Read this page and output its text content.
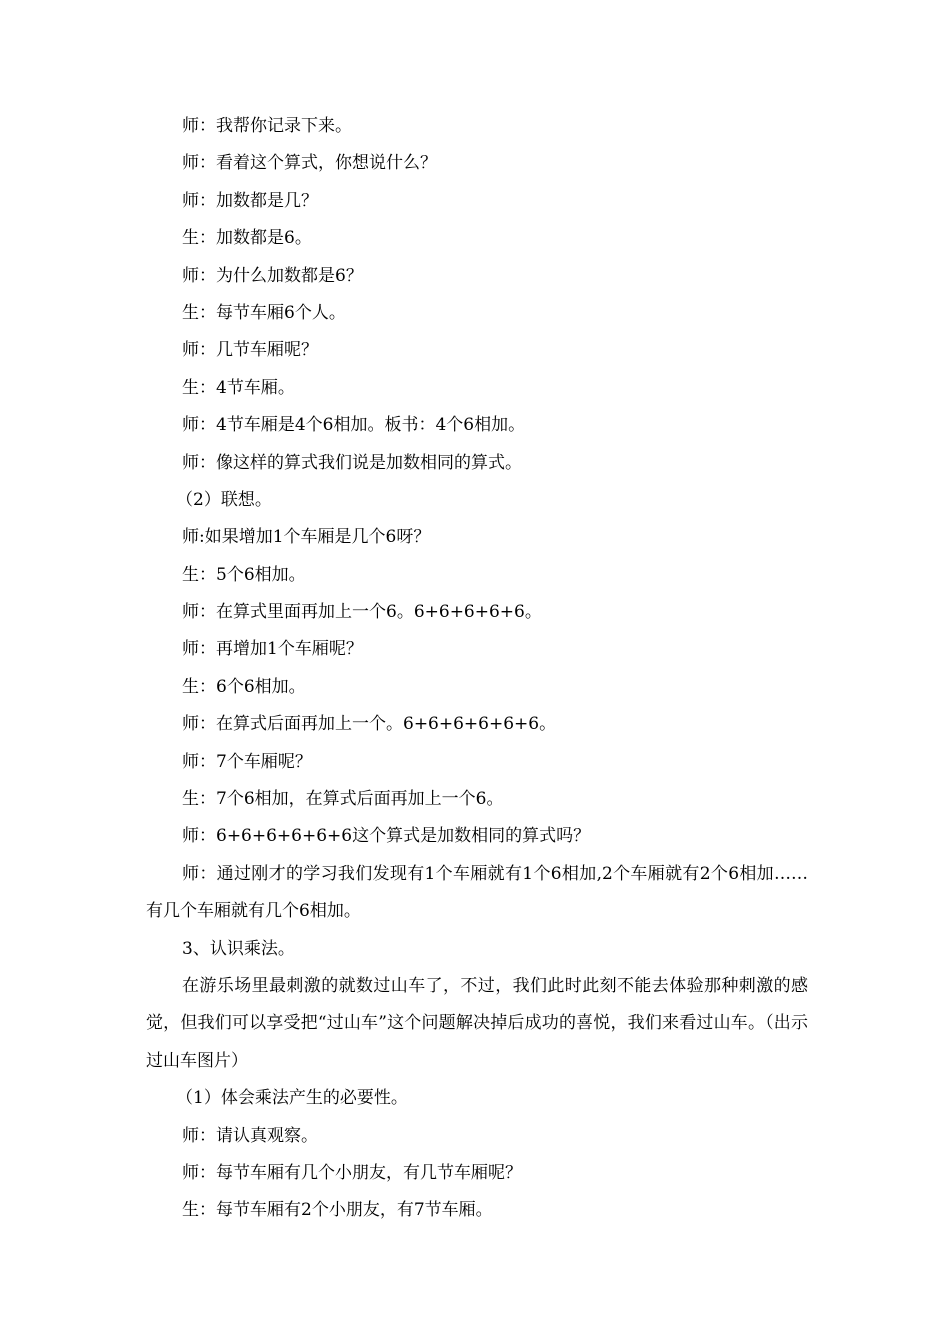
师：我帮你记录下来。
师：看着这个算式，你想说什么？
师：加数都是几？
生：加数都是6。
师：为什么加数都是6？
生：每节车厢6个人。
师：几节车厢呢？
生：4节车厢。
师：4节车厢是4个6相加。板书：4个6相加。
师：像这样的算式我们说是加数相同的算式。
（2）联想。
师:如果增加1个车厢是几个6呀？
生：5个6相加。
师：在算式里面再加上一个6。6+6+6+6+6。
师：再增加1个车厢呢？
生：6个6相加。
师：在算式后面再加上一个。6+6+6+6+6+6。
师：7个车厢呢？
生：7个6相加，在算式后面再加上一个6。
师：6+6+6+6+6+6这个算式是加数相同的算式吗？

师：通过刚才的学习我们发现有1个车厢就有1个6相加,2个车厢就有2个6相加……有几个车厢就有几个6相加。

3、认识乘法。

在游乐场里最刺激的就数过山车了，不过，我们此时此刻不能去体验那种刺激的感觉，但我们可以享受把“过山车”这个问题解决掉后成功的喜悦，我们来看过山车。（出示过山车图片）

（1）体会乘法产生的必要性。
师：请认真观察。
师：每节车厢有几个小朋友，有几节车厢呢？
生：每节车厢有2个小朋友，有7节车厢。
